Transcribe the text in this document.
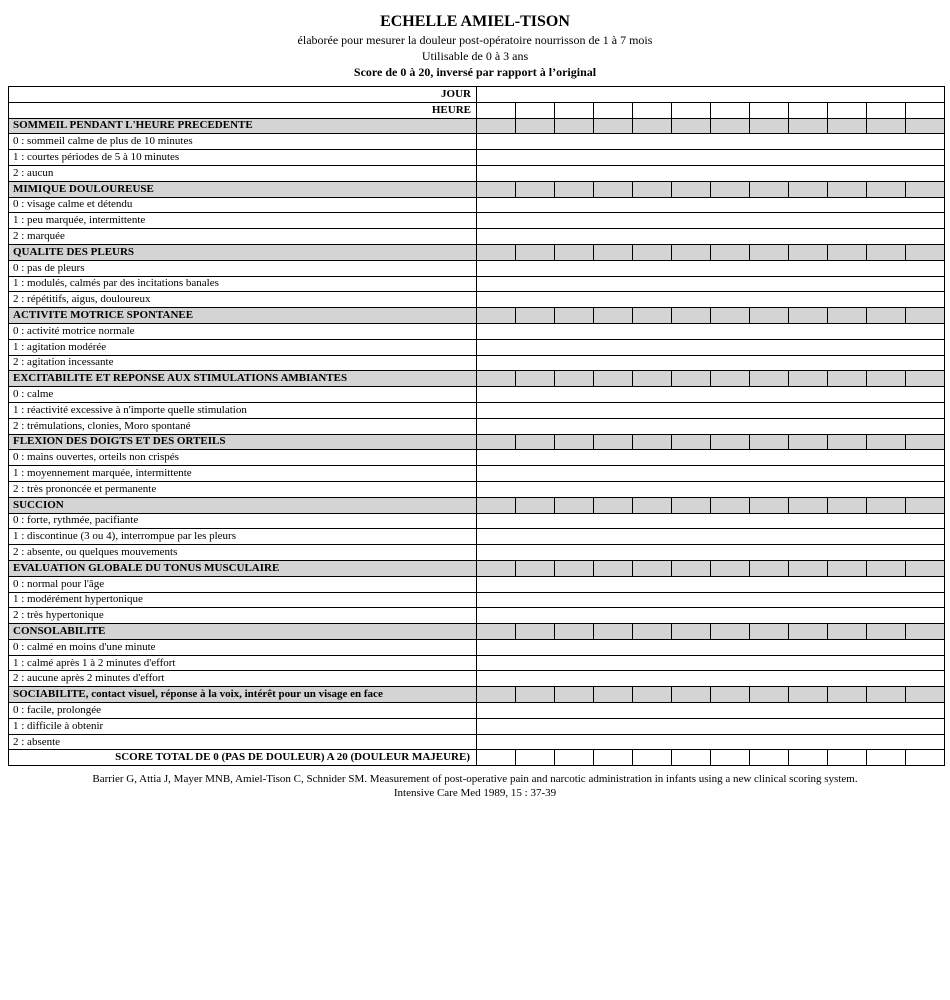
ECHELLE AMIEL-TISON
élaborée pour mesurer la douleur post-opératoire nourrisson de 1 à 7 mois
Utilisable de 0 à 3 ans
Score de 0 à 20, inversé par rapport à l’original
JOUR												
HEURE												
SOMMEIL PENDANT L'HEURE PRECEDENTE												
0 : sommeil calme de plus de 10 minutes												
1 : courtes périodes de 5 à 10 minutes												
2 : aucun												
MIMIQUE DOULOUREUSE												
0 : visage calme et détendu												
1 : peu marquée, intermittente												
2 : marquée												
QUALITE DES PLEURS												
0 : pas de pleurs												
1 : modulés, calmés par des incitations banales												
2 : répétitifs, aigus, douloureux												
ACTIVITE MOTRICE SPONTANEE												
0 : activité motrice normale												
1 : agitation modérée												
2 : agitation incessante												
EXCITABILITE ET REPONSE AUX STIMULATIONS AMBIANTES												
0 : calme												
1 : réactivité excessive à n'importe quelle stimulation												
2 : trémulations, clonies, Moro spontané												
FLEXION DES DOIGTS ET DES ORTEILS												
0 : mains ouvertes, orteils non crispés												
1 : moyennement marquée, intermittente												
2 : très prononcée et permanente												
SUCCION												
0 : forte, rythmée, pacifiante												
1 : discontinue (3 ou 4), interrompue par les pleurs												
2 : absente, ou quelques mouvements												
EVALUATION GLOBALE DU TONUS MUSCULAIRE												
0 : normal pour l'âge												
1 : modérément hypertonique												
2 : très hypertonique												
CONSOLABILITE												
0 : calmé en moins d'une minute												
1 : calmé après 1 à 2 minutes d'effort												
2 : aucune après 2 minutes d'effort												
SOCIABILITE, contact visuel, réponse à la voix, intérêt pour un visage en face												
0 : facile, prolongée												
1 : difficile à obtenir												
2 : absente												
SCORE TOTAL DE 0 (PAS DE DOULEUR) A 20 (DOULEUR MAJEURE)												
Barrier G, Attia J, Mayer MNB, Amiel-Tison C, Schnider SM. Measurement of post-operative pain and narcotic administration in infants using a new clinical scoring system.
Intensive Care Med 1989, 15 : 37-39
